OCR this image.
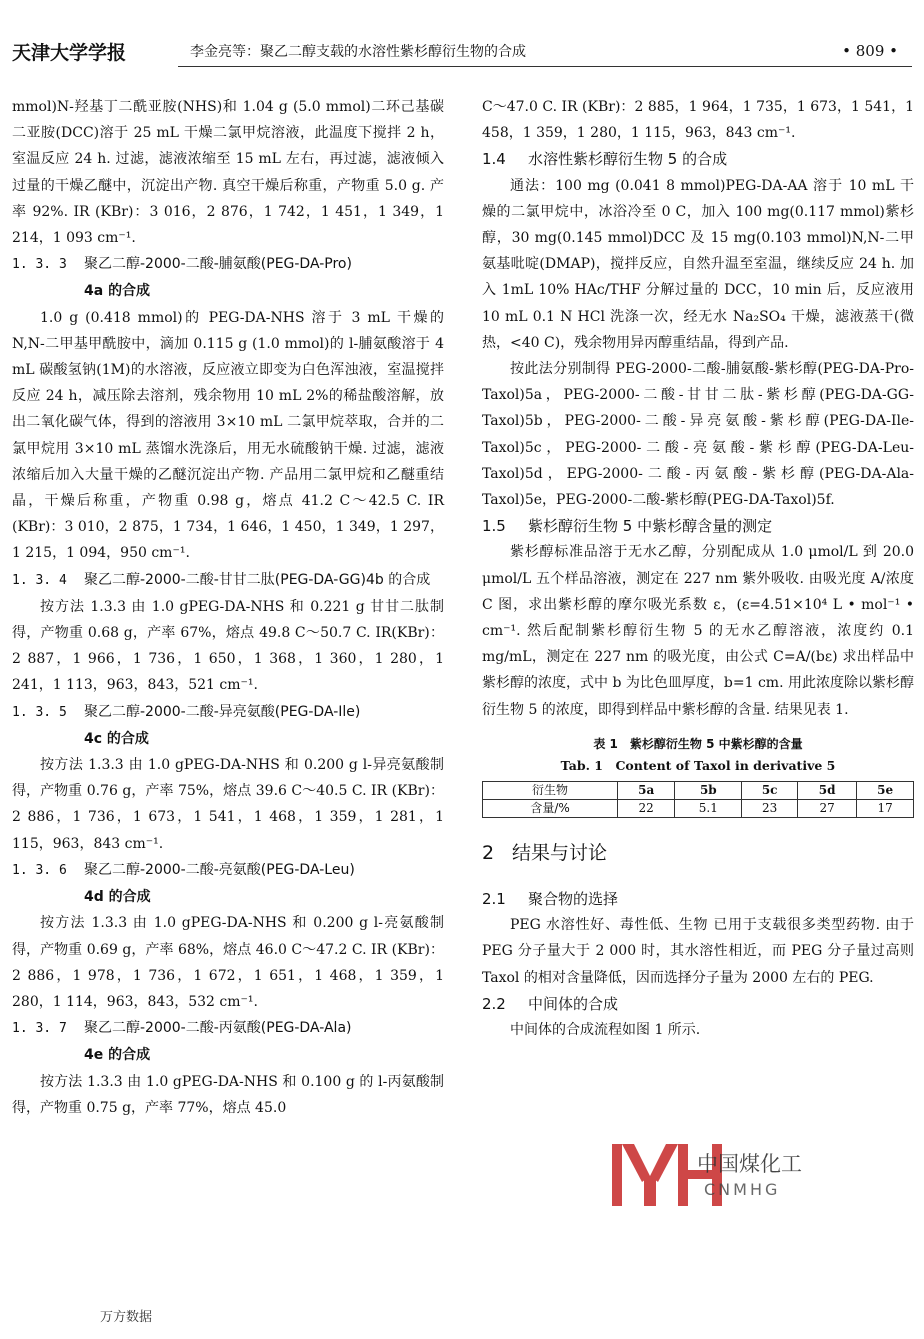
天津大学学报	李金亮等：聚乙二醇支载的水溶性紫杉醇衍生物的合成	• 809 •

mmol)N-羟基丁二酰亚胺(NHS)和 1.04 g (5.0 mmol)二环己基碳二亚胺(DCC)溶于 25 mL 干燥二氯甲烷溶液，此温度下搅拌 2 h，室温反应 24 h. 过滤，滤液浓缩至 15 mL 左右，再过滤，滤液倾入过量的干燥乙醚中，沉淀出产物. 真空干燥后称重，产物重 5.0 g. 产率 92%. IR (KBr)：3 016，2 876，1 742，1 451，1 349，1 214，1 093 cm⁻¹.

1. 3. 3 聚乙二醇-2000-二酸-脯氨酸(PEG-DA-Pro)
4a 的合成

1.0 g (0.418 mmol)的 PEG-DA-NHS 溶于 3 mL 干燥的 N,N-二甲基甲酰胺中，滴加 0.115 g (1.0 mmol)的 l-脯氨酸溶于 4 mL 碳酸氢钠(1M)的水溶液，反应液立即变为白色浑浊液，室温搅拌反应 24 h，减压除去溶剂，残余物用 10 mL 2%的稀盐酸溶解，放出二氧化碳气体，得到的溶液用 3×10 mL 二氯甲烷萃取，合并的二氯甲烷用 3×10 mL 蒸馏水洗涤后，用无水硫酸钠干燥. 过滤，滤液浓缩后加入大量干燥的乙醚沉淀出产物. 产品用二氯甲烷和乙醚重结晶，干燥后称重，产物重 0.98 g，熔点 41.2 C～42.5 C. IR (KBr)：3 010，2 875，1 734，1 646，1 450，1 349，1 297，1 215，1 094，950 cm⁻¹.

1. 3. 4 聚乙二醇-2000-二酸-甘甘二肽(PEG-DA-GG)4b 的合成

按方法 1.3.3 由 1.0 gPEG-DA-NHS 和 0.221 g 甘甘二肽制得，产物重 0.68 g，产率 67%，熔点 49.8 C～50.7 C. IR(KBr)：2 887，1 966，1 736，1 650，1 368，1 360，1 280，1 241，1 113，963，843，521 cm⁻¹.

1. 3. 5 聚乙二醇-2000-二酸-异亮氨酸(PEG-DA-Ile)
4c 的合成

按方法 1.3.3 由 1.0 gPEG-DA-NHS 和 0.200 g l-异亮氨酸制得，产物重 0.76 g，产率 75%，熔点 39.6 C～40.5 C. IR (KBr)：2 886，1 736，1 673，1 541，1 468，1 359，1 281，1 115，963，843 cm⁻¹.

1. 3. 6 聚乙二醇-2000-二酸-亮氨酸(PEG-DA-Leu)
4d 的合成

按方法 1.3.3 由 1.0 gPEG-DA-NHS 和 0.200 g l-亮氨酸制得，产物重 0.69 g，产率 68%，熔点 46.0 C～47.2 C. IR (KBr)：2 886，1 978，1 736，1 672，1 651，1 468，1 359，1 280，1 114，963，843，532 cm⁻¹.

1. 3. 7 聚乙二醇-2000-二酸-丙氨酸(PEG-DA-Ala)
4e 的合成

按方法 1.3.3 由 1.0 gPEG-DA-NHS 和 0.100 g 的 l-丙氨酸制得，产物重 0.75 g，产率 77%，熔点 45.0

C～47.0 C. IR (KBr)：2 885，1 964，1 735，1 673，1 541，1 458，1 359，1 280，1 115，963，843 cm⁻¹.

1.4 水溶性紫杉醇衍生物 5 的合成

通法：100 mg (0.041 8 mmol)PEG-DA-AA 溶于 10 mL 干燥的二氯甲烷中，冰浴冷至 0 C，加入 100 mg(0.117 mmol)紫杉醇，30 mg(0.145 mmol)DCC 及 15 mg(0.103 mmol)N,N-二甲氨基吡啶(DMAP)，搅拌反应，自然升温至室温，继续反应 24 h. 加入 1mL 10% HAc/THF 分解过量的 DCC，10 min 后，反应液用 10 mL 0.1 N HCl 洗涤一次，经无水 Na₂SO₄ 干燥，滤液蒸干(微热，<40 C)，残余物用异丙醇重结晶，得到产品.

按此法分别制得 PEG-2000-二酸-脯氨酸-紫杉醇(PEG-DA-Pro-Taxol)5a，PEG-2000-二酸-甘甘二肽-紫杉醇(PEG-DA-GG-Taxol)5b，PEG-2000-二酸-异亮氨酸-紫杉醇(PEG-DA-Ile-Taxol)5c，PEG-2000-二酸-亮氨酸-紫杉醇(PEG-DA-Leu-Taxol)5d，EPG-2000-二酸-丙氨酸-紫杉醇(PEG-DA-Ala-Taxol)5e，PEG-2000-二酸-紫杉醇(PEG-DA-Taxol)5f.

1.5 紫杉醇衍生物 5 中紫杉醇含量的测定

紫杉醇标准品溶于无水乙醇，分别配成从 1.0 μmol/L 到 20.0 μmol/L 五个样品溶液，测定在 227 nm 紫外吸收. 由吸光度 A/浓度 C 图，求出紫杉醇的摩尔吸光系数 ε，(ε=4.51×10⁴ L • mol⁻¹ • cm⁻¹. 然后配制紫杉醇衍生物 5 的无水乙醇溶液，浓度约 0.1 mg/mL，测定在 227 nm 的吸光度，由公式 C=A/(bε) 求出样品中紫杉醇的浓度，式中 b 为比色皿厚度，b=1 cm. 用此浓度除以紫杉醇衍生物 5 的浓度，即得到样品中紫杉醇的含量. 结果见表 1.

表 1　紫杉醇衍生物 5 中紫杉醇的含量
Tab. 1　Content of Taxol in derivative 5
衍生物	5a	5b	5c	5d	5e
含量/%	22	5.1	23	27	17
2 结果与讨论
2.1 聚合物的选择

PEG 水溶性好、毒性低、生物 已用于支载很多类型药物. 由于 PEG 分子量大于 2 000 时，其水溶性相近，而 PEG 分子量过高则 Taxol 的相对含量降低，因而选择分子量为 2000 左右的 PEG.

2.2 中间体的合成

中间体的合成流程如图 1 所示.

中国煤化工
CNMHG
万方数据
